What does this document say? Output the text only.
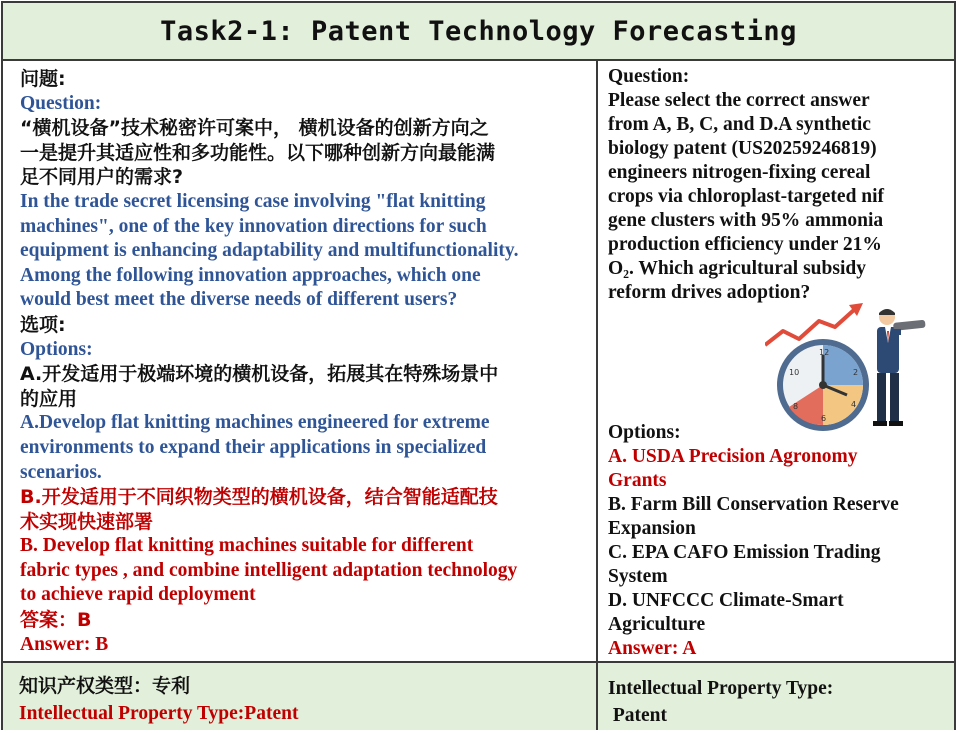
Task2-1: Patent Technology Forecasting
问题:
Question:
“横机设备”技术秘密许可案中， 横机设备的创新方向之
一是提升其适应性和多功能性。以下哪种创新方向最能满
足不同用户的需求?
In the trade secret licensing case involving "flat knitting
machines", one of the key innovation directions for such
equipment is enhancing adaptability and multifunctionality.
Among the following innovation approaches, which one
would best meet the diverse needs of different users?
选项:
Options:
A.开发适用于极端环境的横机设备，拓展其在特殊场景中
的应用
A.Develop flat knitting machines engineered for extreme
environments to expand their applications in specialized
scenarios.
B.开发适用于不同织物类型的横机设备，结合智能适配技
术实现快速部署
B. Develop flat knitting machines suitable for different
fabric types , and combine intelligent adaptation technology
to achieve rapid deployment
答案：B
Answer: B
Question:
Please select the correct answer
from A, B, C, and D.A synthetic
biology patent (US20259246819)
engineers nitrogen-fixing cereal
crops via chloroplast-targeted nif
gene clusters with 95% ammonia
production efficiency under 21%
O₂. Which agricultural subsidy
reform drives adoption?
12
10	2
8
6
4
Options:
A. USDA Precision Agronomy
Grants
B. Farm Bill Conservation Reserve
Expansion
C. EPA CAFO Emission Trading
System
D. UNFCCC Climate-Smart
Agriculture
Answer: A
知识产权类型：专利
Intellectual Property Type:Patent
Intellectual Property Type:
Patent
